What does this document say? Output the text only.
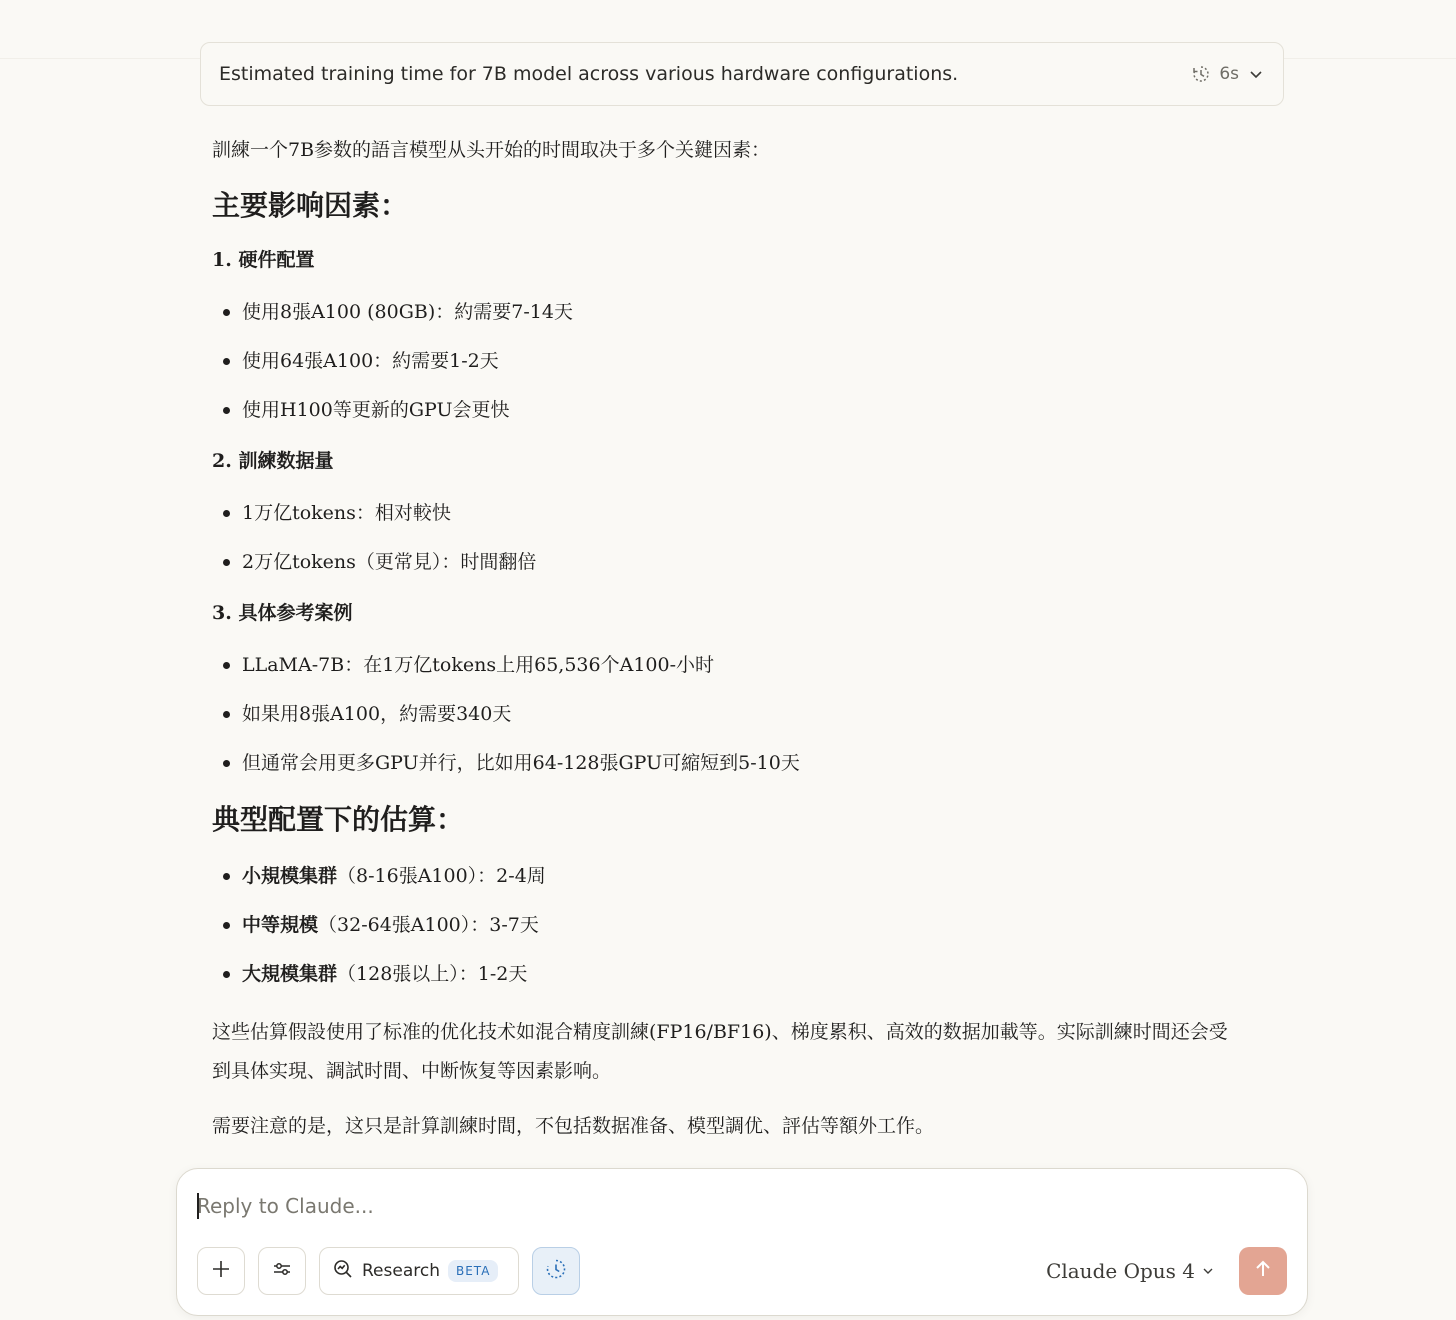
Estimated training time for 7B model across various hardware configurations.	6s

訓練一个7B参数的語言模型从头开始的时間取决于多个关鍵因素：

主要影响因素：
1. 硬件配置
使用8張A100 (80GB)：約需要7-14天
使用64張A100：約需要1-2天
使用H100等更新的GPU会更快
2. 訓練数据量
1万亿tokens：相对較快
2万亿tokens（更常見）：时間翻倍
3. 具体参考案例
LLaMA-7B：在1万亿tokens上用65,536个A100-小时
如果用8張A100，約需要340天
但通常会用更多GPU并行，比如用64-128張GPU可縮短到5-10天
典型配置下的估算：
小規模集群（8-16張A100）：2-4周
中等規模（32-64張A100）：3-7天
大規模集群（128張以上）：1-2天

这些估算假設使用了标准的优化技术如混合精度訓練(FP16/BF16)、梯度累积、高效的数据加載等。实际訓練时間还会受到具体实現、調試时間、中断恢复等因素影响。

需要注意的是，这只是計算訓練时間，不包括数据准备、模型調优、評估等額外工作。

Reply to Claude...
Research	BETA	Claude Opus 4
